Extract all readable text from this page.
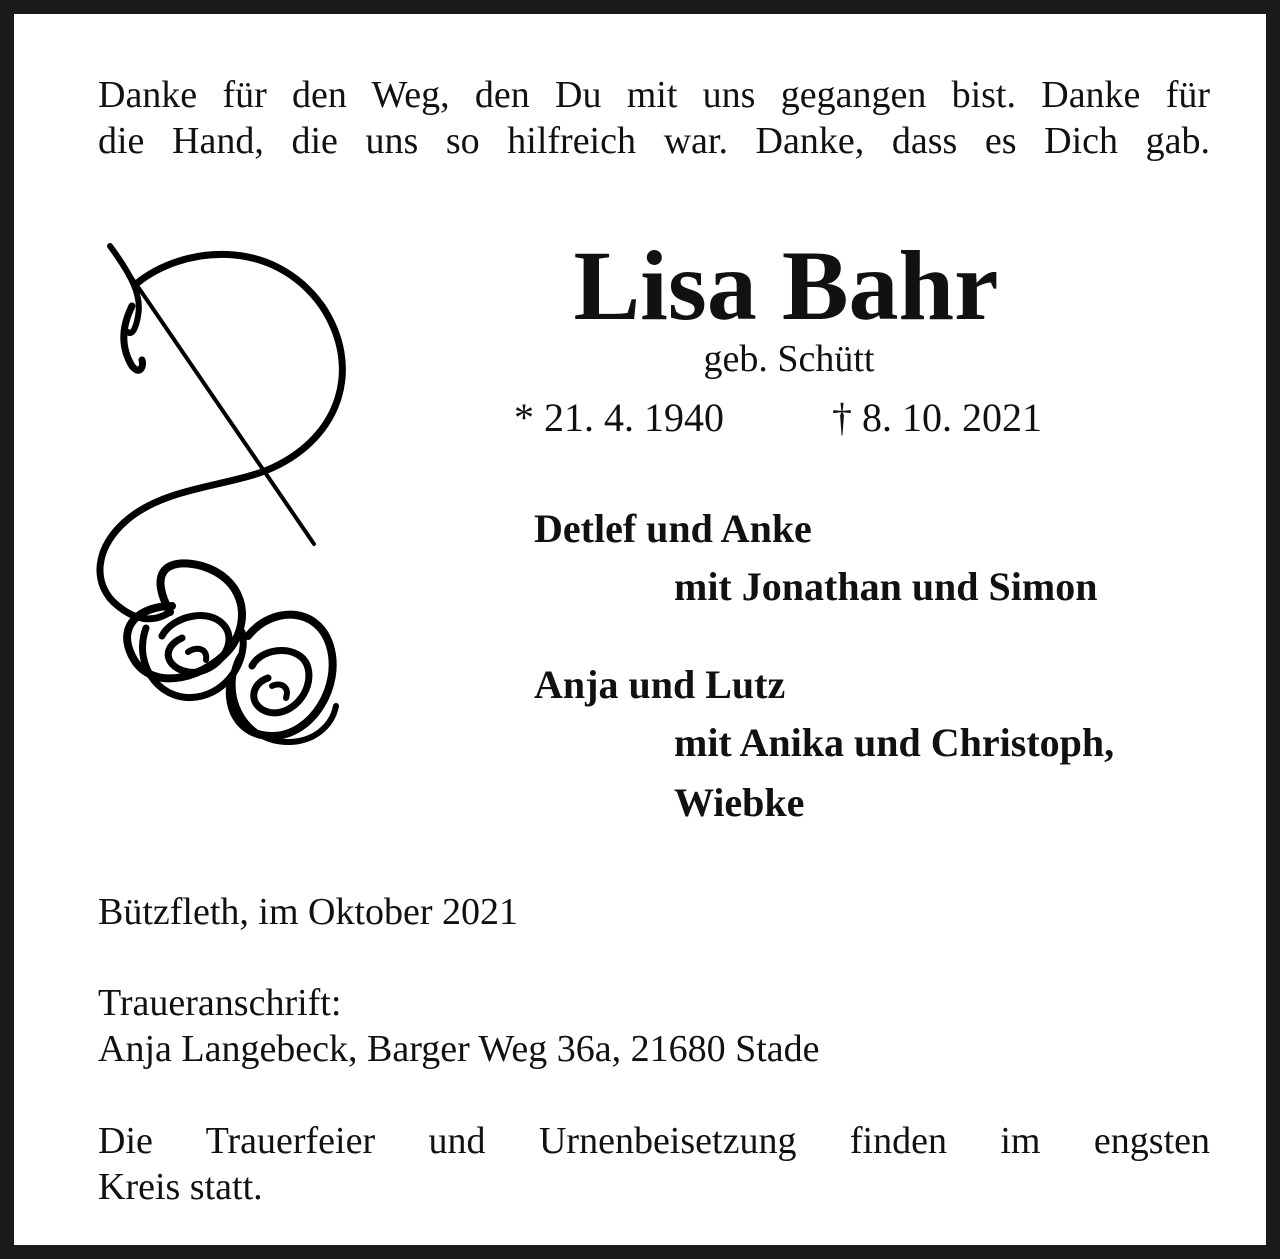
Danke für den Weg, den Du mit uns gegangen bist. Danke für
die Hand, die uns so hilfreich war. Danke, dass es Dich gab.

Lisa Bahr
geb. Schütt
* 21. 4. 1940	† 8. 10. 2021
Detlef und Anke
mit Jonathan und Simon
Anja und Lutz
mit Anika und Christoph,
Wiebke
Bützfleth, im Oktober 2021
Traueranschrift:
Anja Langebeck, Barger Weg 36a, 21680 Stade
Die Trauerfeier und Urnenbeisetzung finden im engsten
Kreis statt.
